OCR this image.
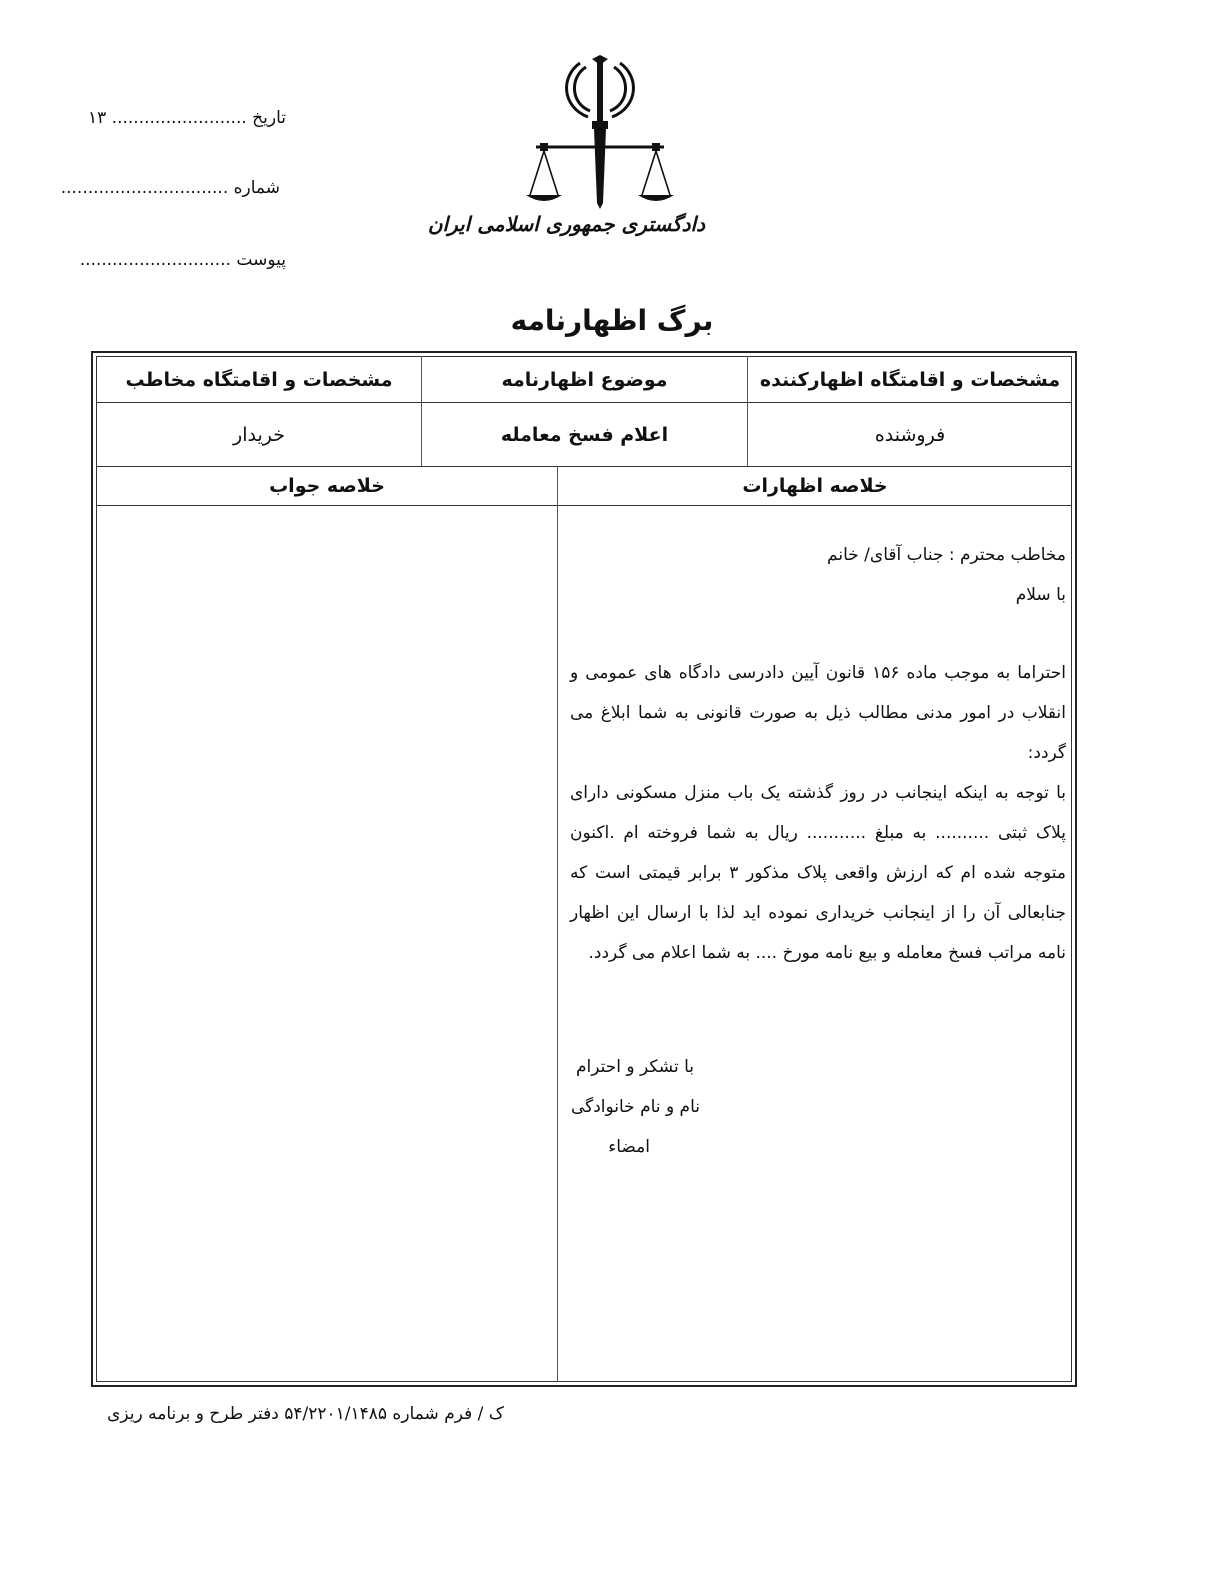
تاریخ ......................... ۱۳
شماره ...............................
پیوست ............................
دادگستری جمهوری اسلامی ایران
برگ اظهارنامه
مشخصات و اقامتگاه اظهارکننده
موضوع اظهارنامه
مشخصات و اقامتگاه مخاطب
فروشنده
اعلام فسخ معامله
خریدار
خلاصه اظهارات
خلاصه جواب

مخاطب محترم : جناب آقای/ خانم

با سلام

احتراما به موجب ماده ۱۵۶ قانون آیین دادرسی دادگاه های عمومی و انقلاب در امور مدنی مطالب ذیل به صورت قانونی به شما ابلاغ می گردد:

با توجه به اینکه اینجانب در روز گذشته یک باب منزل مسکونی دارای پلاک ثبتی .......... به مبلغ ........... ریال به شما فروخته ام .اکنون متوجه شده ام که ارزش واقعی پلاک مذکور ۳ برابر قیمتی است که جنابعالی آن را از اینجانب خریداری نموده اید لذا با ارسال این اظهار نامه مراتب فسخ معامله و بیع نامه مورخ .... به شما اعلام می گردد.

با تشکر و احترام
نام و نام خانوادگی
امضاء
ک / فرم شماره ۵۴/۲۲۰۱/۱۴۸۵ دفتر طرح و برنامه ریزی
